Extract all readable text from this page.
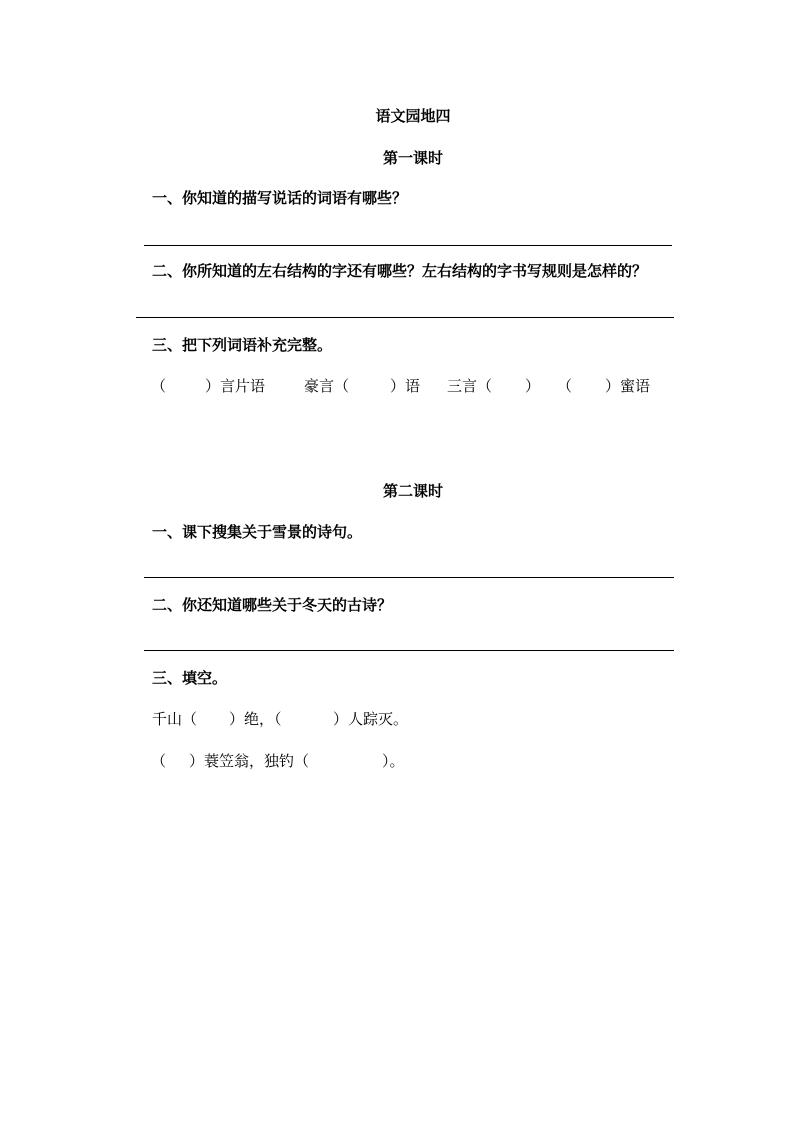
语文园地四
第一课时
一、你知道的描写说话的词语有哪些？
二、你所知道的左右结构的字还有哪些？左右结构的字书写规则是怎样的？
三、把下列词语补充完整。
（	）言片语	豪言（	）语 三言（ ） （ ）蜜语
第二课时
一、课下搜集关于雪景的诗句。
二、你还知道哪些关于冬天的古诗？
三、填空。
千山（ ）绝，（	）人踪灭。
（ ）蓑笠翁，独钓（	）。
